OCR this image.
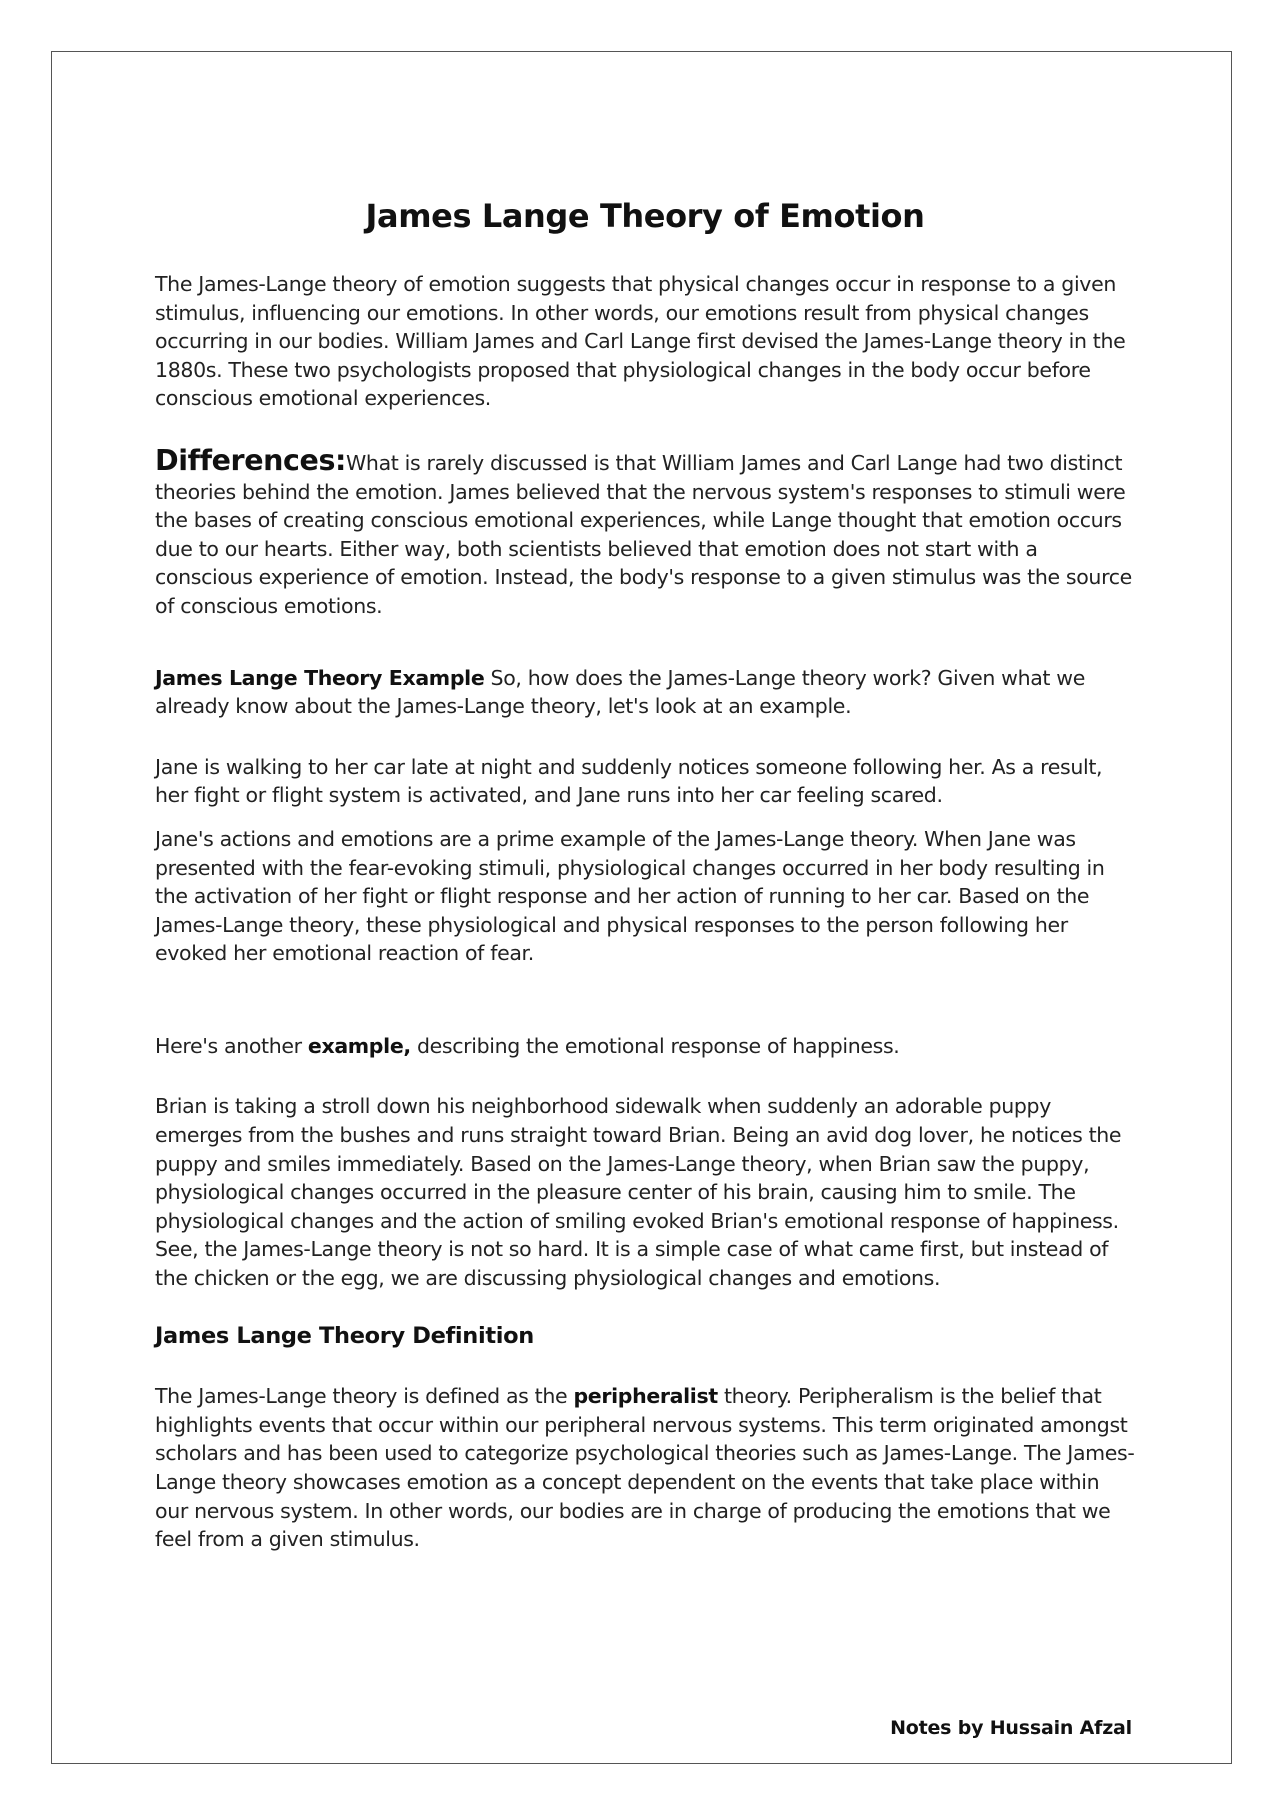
James Lange Theory of Emotion

The James-Lange theory of emotion suggests that physical changes occur in response to a given stimulus, influencing our emotions. In other words, our emotions result from physical changes occurring in our bodies. William James and Carl Lange first devised the James-Lange theory in the 1880s. These two psychologists proposed that physiological changes in the body occur before conscious emotional experiences.

Differences:What is rarely discussed is that William James and Carl Lange had two distinct theories behind the emotion. James believed that the nervous system's responses to stimuli were the bases of creating conscious emotional experiences, while Lange thought that emotion occurs due to our hearts. Either way, both scientists believed that emotion does not start with a conscious experience of emotion. Instead, the body's response to a given stimulus was the source of conscious emotions.

James Lange Theory Example So, how does the James-Lange theory work? Given what we already know about the James-Lange theory, let's look at an example.

Jane is walking to her car late at night and suddenly notices someone following her. As a result, her fight or flight system is activated, and Jane runs into her car feeling scared.

Jane's actions and emotions are a prime example of the James-Lange theory. When Jane was presented with the fear-evoking stimuli, physiological changes occurred in her body resulting in the activation of her fight or flight response and her action of running to her car. Based on the James-Lange theory, these physiological and physical responses to the person following her evoked her emotional reaction of fear.

Here's another example, describing the emotional response of happiness.

Brian is taking a stroll down his neighborhood sidewalk when suddenly an adorable puppy emerges from the bushes and runs straight toward Brian. Being an avid dog lover, he notices the puppy and smiles immediately. Based on the James-Lange theory, when Brian saw the puppy, physiological changes occurred in the pleasure center of his brain, causing him to smile. The physiological changes and the action of smiling evoked Brian's emotional response of happiness.

See, the James-Lange theory is not so hard. It is a simple case of what came first, but instead of the chicken or the egg, we are discussing physiological changes and emotions.

James Lange Theory Definition

The James-Lange theory is defined as the peripheralist theory. Peripheralism is the belief that highlights events that occur within our peripheral nervous systems. This term originated amongst scholars and has been used to categorize psychological theories such as James-Lange. The James-Lange theory showcases emotion as a concept dependent on the events that take place within our nervous system. In other words, our bodies are in charge of producing the emotions that we feel from a given stimulus.

Notes by Hussain Afzal
